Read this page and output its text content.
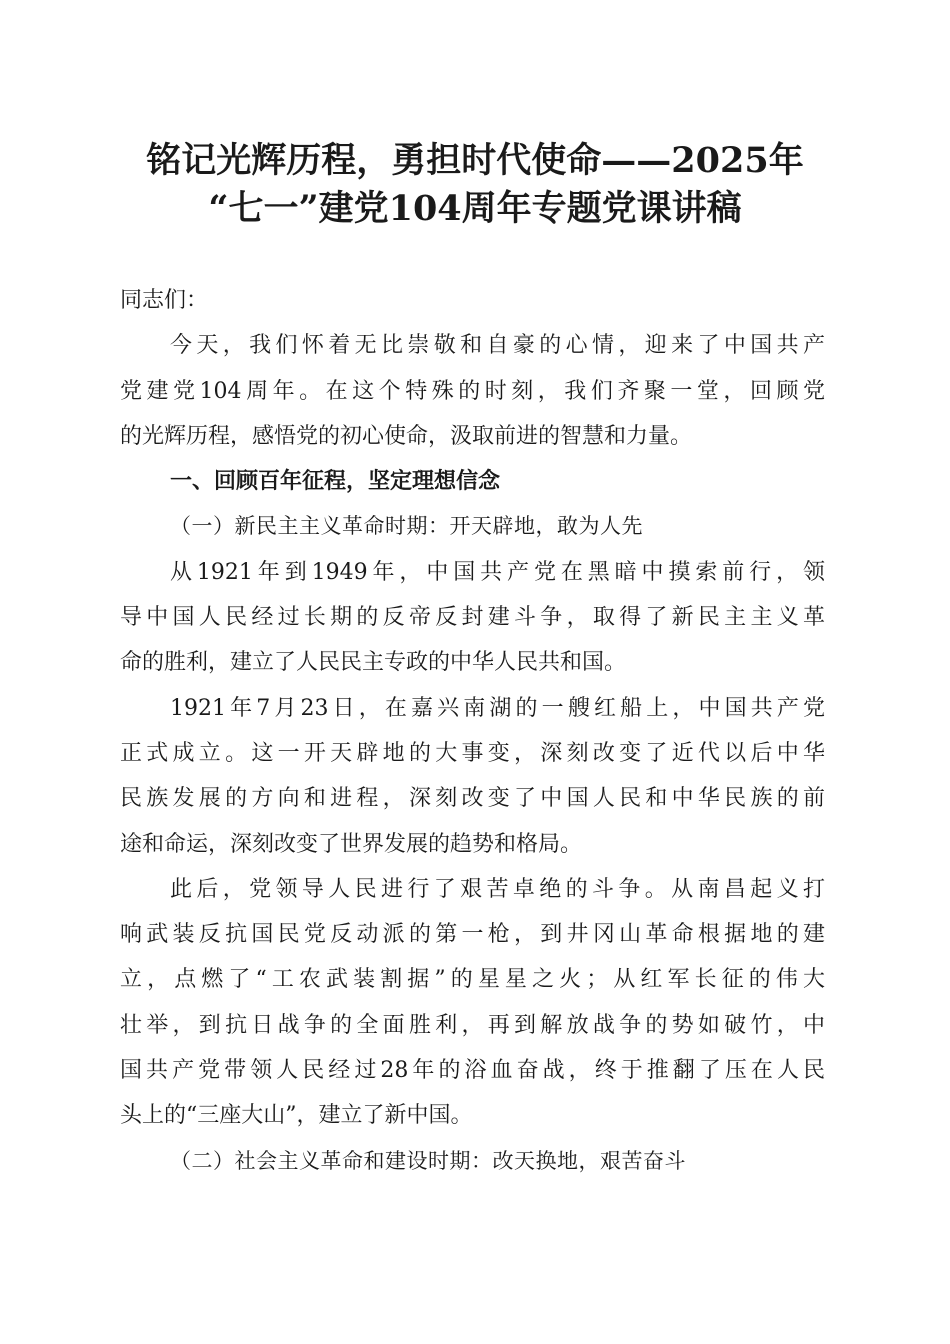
铭记光辉历程，勇担时代使命——2025年
“七一”建党104周年专题党课讲稿
同志们：
今天，我们怀着无比崇敬和自豪的心情，迎来了中国共产
党建党104周年。在这个特殊的时刻，我们齐聚一堂，回顾党
的光辉历程，感悟党的初心使命，汲取前进的智慧和力量。
一、回顾百年征程，坚定理想信念
（一）新民主主义革命时期：开天辟地，敢为人先
从1921年到1949年，中国共产党在黑暗中摸索前行，领
导中国人民经过长期的反帝反封建斗争，取得了新民主主义革
命的胜利，建立了人民民主专政的中华人民共和国。
1921年7月23日，在嘉兴南湖的一艘红船上，中国共产党
正式成立。这一开天辟地的大事变，深刻改变了近代以后中华
民族发展的方向和进程，深刻改变了中国人民和中华民族的前
途和命运，深刻改变了世界发展的趋势和格局。
此后，党领导人民进行了艰苦卓绝的斗争。从南昌起义打
响武装反抗国民党反动派的第一枪，到井冈山革命根据地的建
立，点燃了“工农武装割据”的星星之火；从红军长征的伟大
壮举，到抗日战争的全面胜利，再到解放战争的势如破竹，中
国共产党带领人民经过28年的浴血奋战，终于推翻了压在人民
头上的“三座大山”，建立了新中国。
（二）社会主义革命和建设时期：改天换地，艰苦奋斗
